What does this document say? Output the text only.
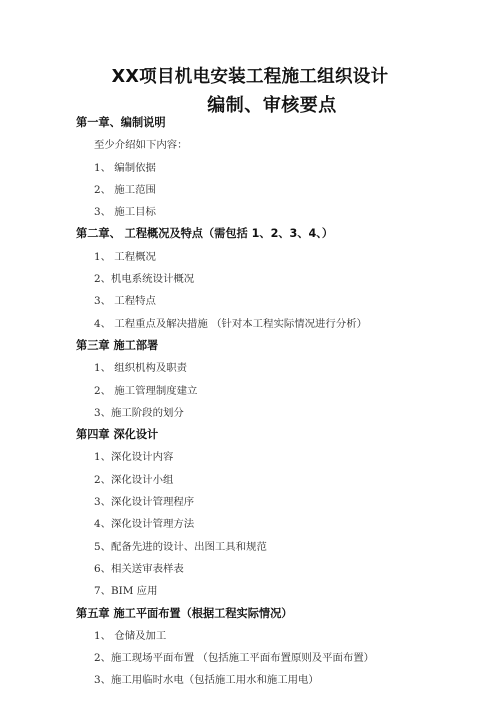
XX项目机电安装工程施工组织设计
编制、审核要点
第一章、编制说明
至少介绍如下内容：
1、 编制依据
2、 施工范围
3、 施工目标
第二章、 工程概况及特点（需包括 1、2、3、4、）
1、 工程概况
2、机电系统设计概况
3、 工程特点
4、 工程重点及解决措施 （针对本工程实际情况进行分析）
第三章 施工部署
1、 组织机构及职责
2、 施工管理制度建立
3、施工阶段的划分
第四章 深化设计
1、深化设计内容
2、深化设计小组
3、深化设计管理程序
4、深化设计管理方法
5、配备先进的设计、出图工具和规范
6、相关送审表样表
7、BIM 应用
第五章 施工平面布置（根据工程实际情况）
1、 仓储及加工
2、施工现场平面布置 （包括施工平面布置原则及平面布置）
3、施工用临时水电（包括施工用水和施工用电）
